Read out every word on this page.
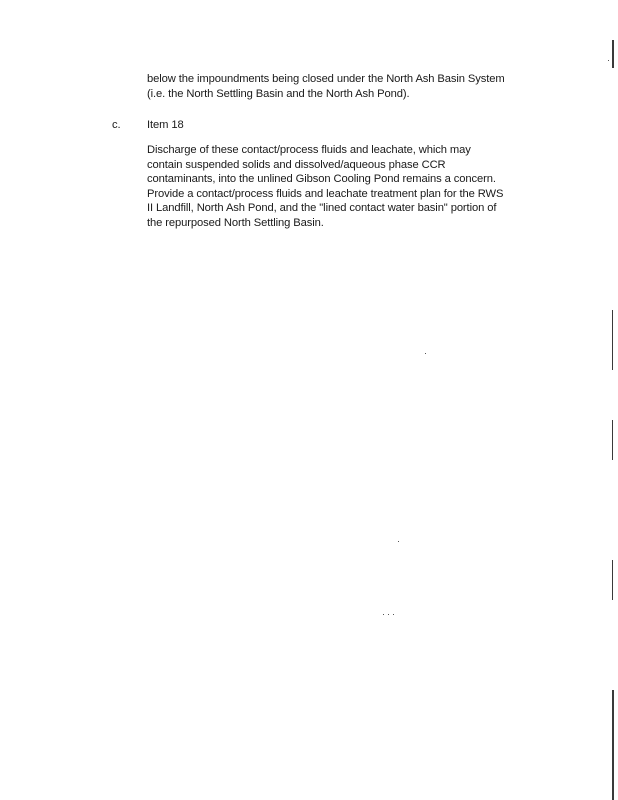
below the impoundments being closed under the North Ash Basin System
(i.e. the North Settling Basin and the North Ash Pond).
c. Item 18
Discharge of these contact/process fluids and leachate, which may
contain suspended solids and dissolved/aqueous phase CCR
contaminants, into the unlined Gibson Cooling Pond remains a concern.
Provide a contact/process fluids and leachate treatment plan for the RWS
II Landfill, North Ash Pond, and the "lined contact water basin" portion of
the repurposed North Settling Basin.
